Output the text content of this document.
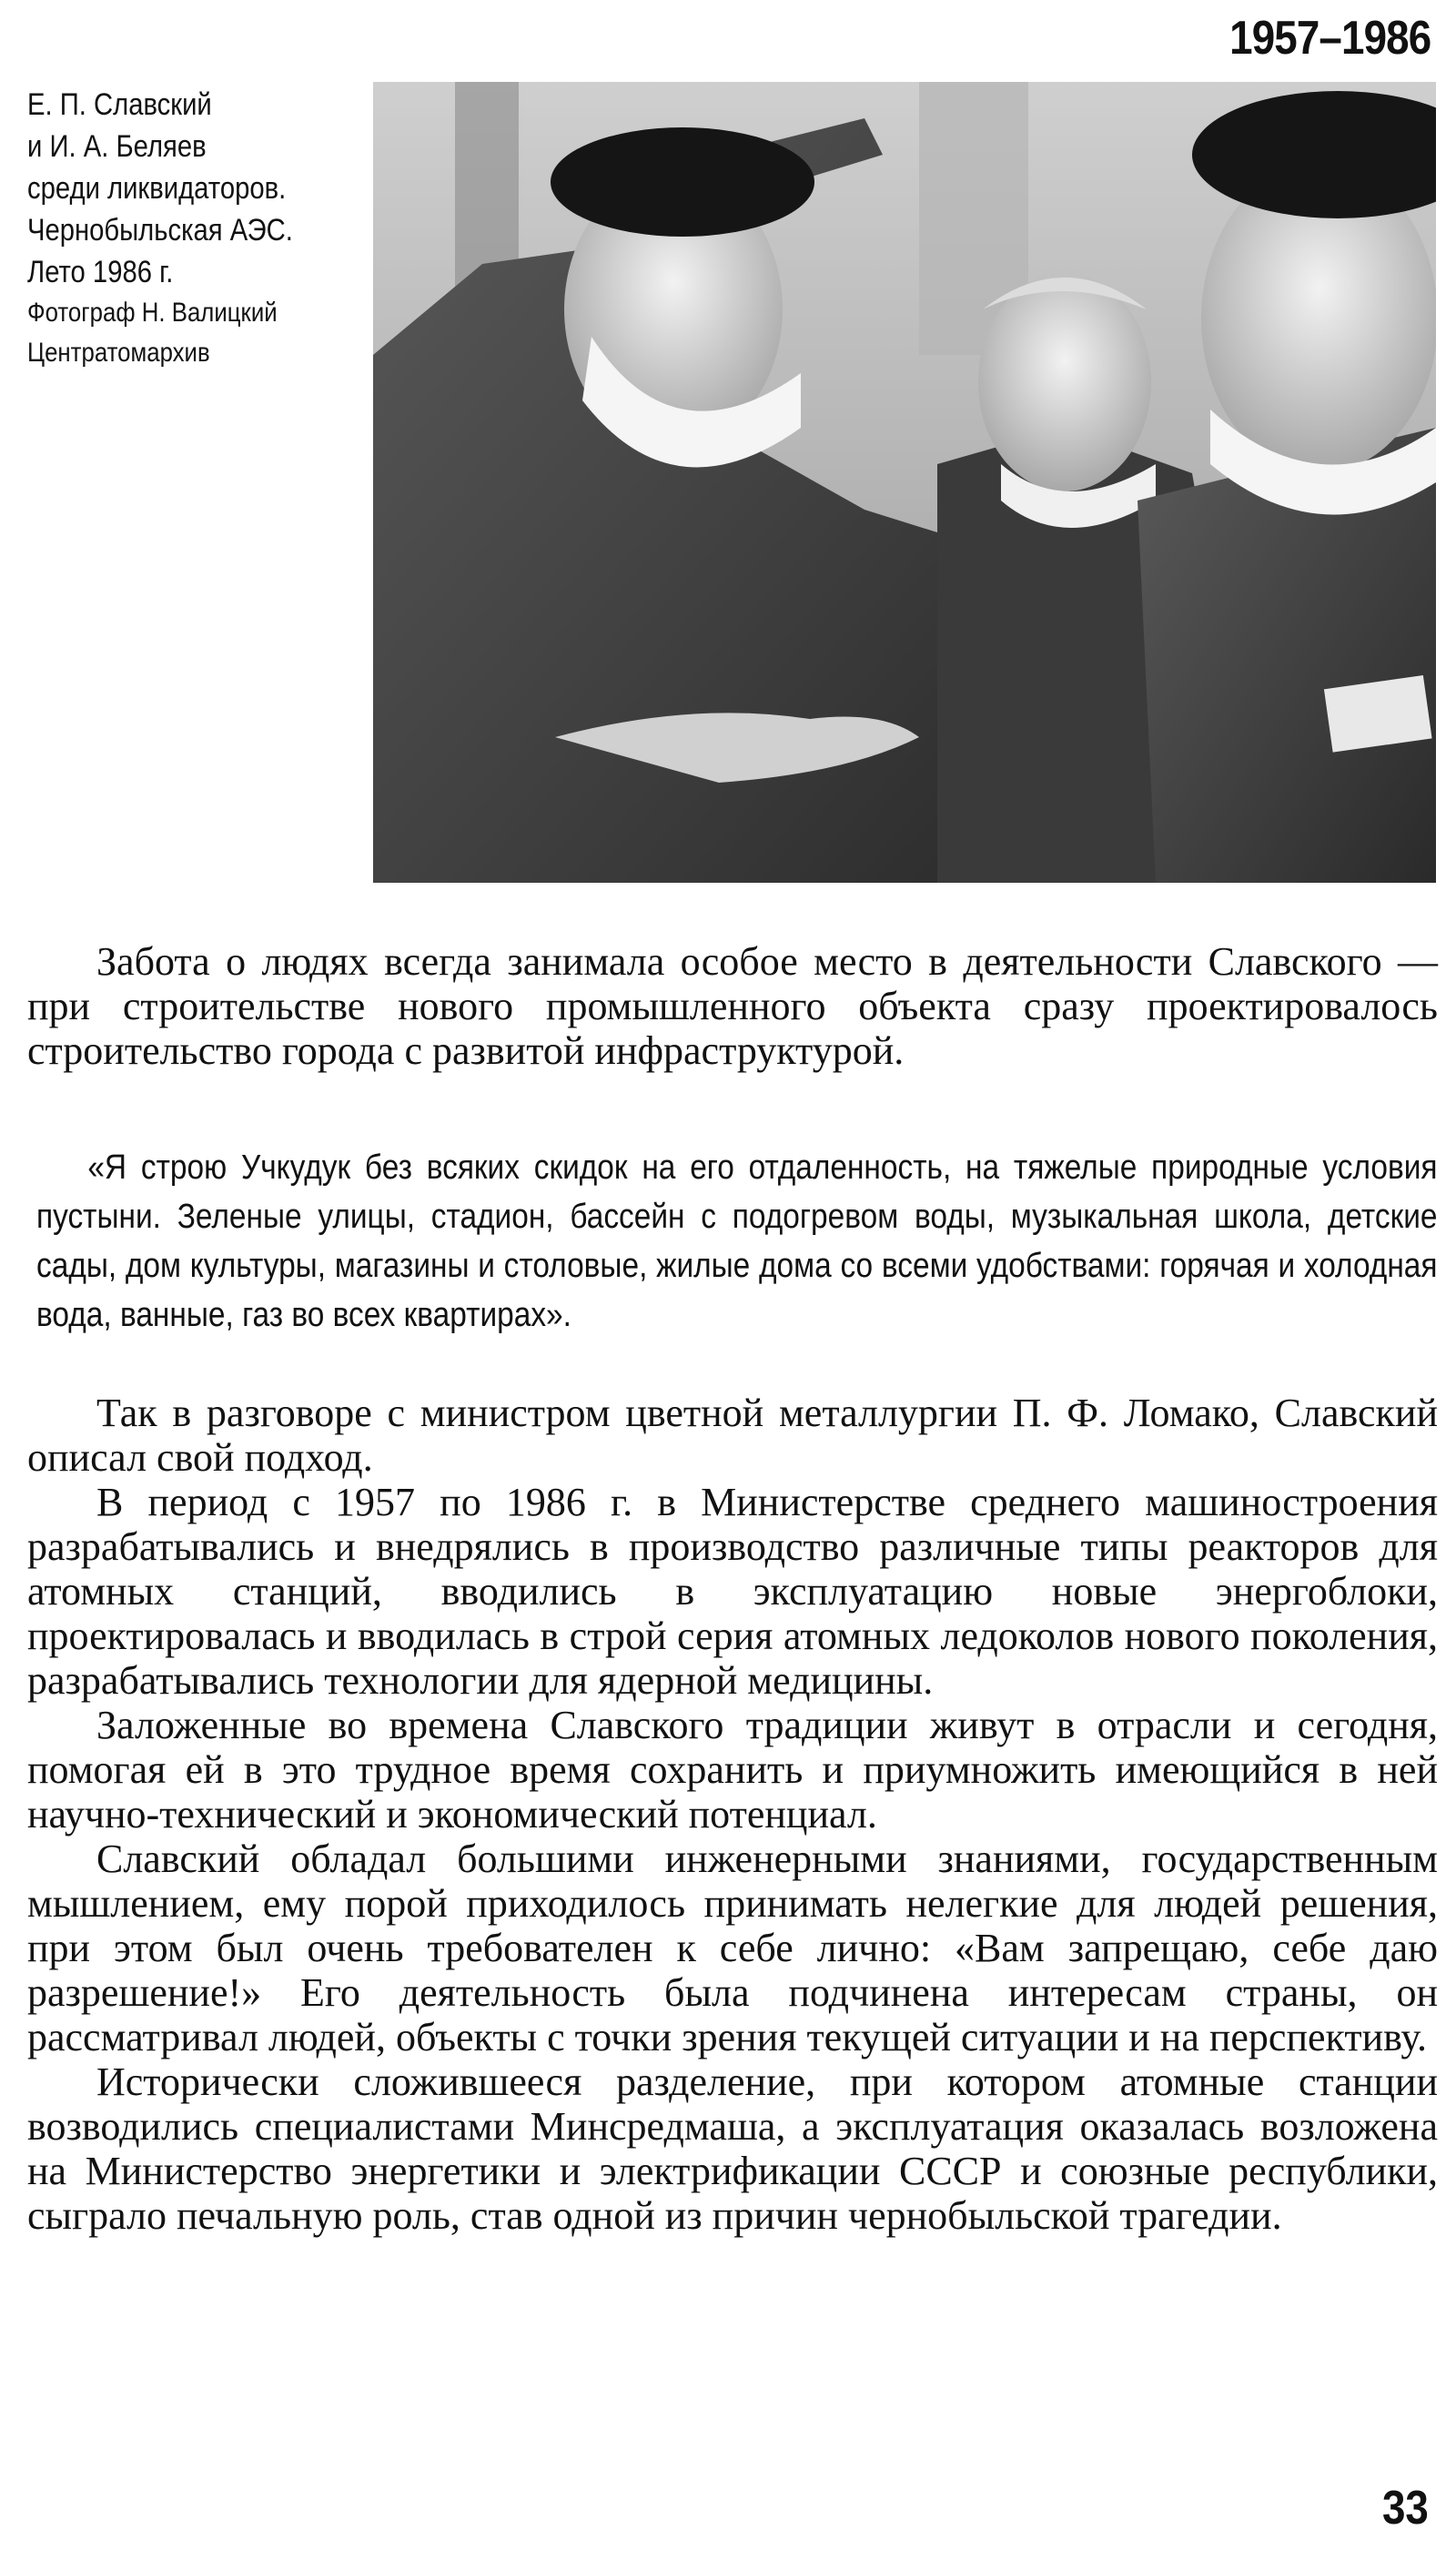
1957–1986
Е. П. Славский
и И. А. Беляев
среди ликвидаторов.
Чернобыльская АЭС.
Лето 1986 г.
Фотограф Н. Валицкий
Центратомархив

Забота о людях всегда занимала особое место в деятельности Славского — при строительстве нового промышленного объекта сразу проектировалось строительство города с развитой инфраструктурой.

«Я строю Учкудук без всяких скидок на его отдаленность, на тяжелые природные условия пустыни. Зеленые улицы, стадион, бассейн с подогревом воды, музыкальная школа, детские сады, дом культуры, магазины и столовые, жилые дома со всеми удобствами: горячая и холодная вода, ванные, газ во всех квартирах».

Так в разговоре с министром цветной металлургии П. Ф. Ломако, Славский описал свой подход.

В период с 1957 по 1986 г. в Министерстве среднего машиностроения разрабатывались и внедрялись в производство различные типы реакторов для атомных станций, вводились в эксплуатацию новые энергоблоки, проектировалась и вводилась в строй серия атомных ледоколов нового поколения, разрабатывались технологии для ядерной медицины.

Заложенные во времена Славского традиции живут в отрасли и сегодня, помогая ей в это трудное время сохранить и приумножить имеющийся в ней научно-технический и экономический потенциал.

Славский обладал большими инженерными знаниями, государственным мышлением, ему порой приходилось принимать нелегкие для людей решения, при этом был очень требователен к себе лично: «Вам запрещаю, себе даю разрешение!» Его деятельность была подчинена интересам страны, он рассматривал людей, объекты с точки зрения текущей ситуации и на перспективу.

Исторически сложившееся разделение, при котором атомные станции возводились специалистами Минсредмаша, а эксплуатация оказалась возложена на Министерство энергетики и электрификации СССР и союзные республики, сыграло печальную роль, став одной из причин чернобыльской трагедии.

33
